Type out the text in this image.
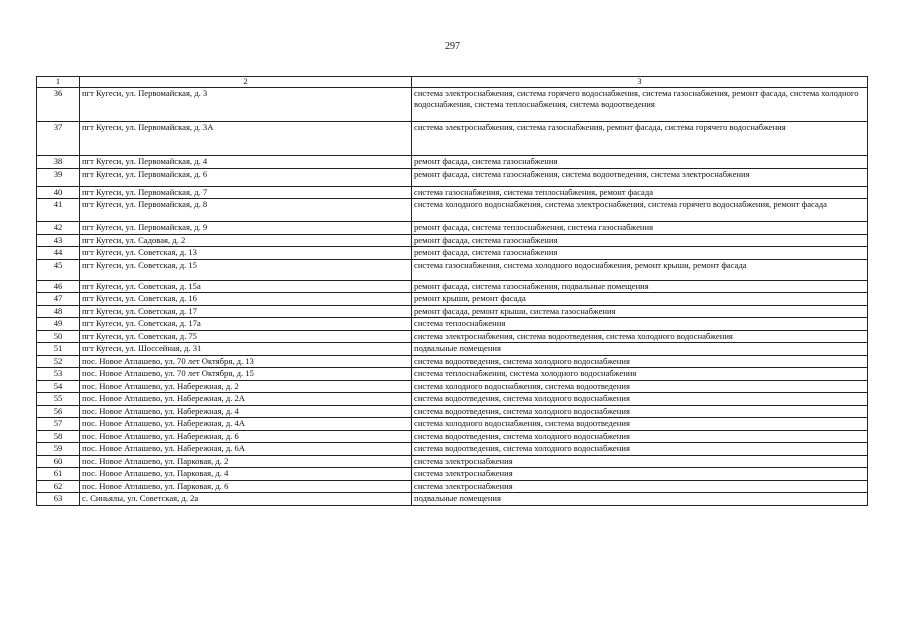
297
1	2	3
36	пгт Кугеси, ул. Первомайская, д. 3	система электроснабжения, система горячего водоснабжения, система газоснабжения, ремонт фасада, система холодного водоснабжения, система теплоснабжения, система водоотведения
37	пгт Кугеси, ул. Первомайская, д. 3А	система электроснабжения, система газоснабжения, ремонт фасада, система горячего водоснабжения
38	пгт Кугеси, ул. Первомайская, д. 4	ремонт фасада, система газоснабжения
39	пгт Кугеси, ул. Первомайская, д. 6	ремонт фасада, система газоснабжения, система водоотведения, система электроснабжения
40	пгт Кугеси, ул. Первомайская, д. 7	система газоснабжения, система теплоснабжения, ремонт фасада
41	пгт Кугеси, ул. Первомайская, д. 8	система холодного водоснабжения, система электроснабжения, система горячего водоснабжения, ремонт фасада
42	пгт Кугеси, ул. Первомайская, д. 9	ремонт фасада, система теплоснабжения, система газоснабжения
43	пгт Кугеси, ул. Садовая, д. 2	ремонт фасада, система газоснабжения
44	пгт Кугеси, ул. Советская, д. 13	ремонт фасада, система газоснабжения
45	пгт Кугеси, ул. Советская, д. 15	система газоснабжения, система холодного водоснабжения, ремонт крыши, ремонт фасада
46	пгт Кугеси, ул. Советская, д. 15а	ремонт фасада, система газоснабжения, подвальные помещения
47	пгт Кугеси, ул. Советская, д. 16	ремонт крыши, ремонт фасада
48	пгт Кугеси, ул. Советская, д. 17	ремонт фасада, ремонт крыши, система газоснабжения
49	пгт Кугеси, ул. Советская, д. 17а	система теплоснабжения
50	пгт Кугеси, ул. Советская, д. 75	система электроснабжения, система водоотведения, система холодного водоснабжения
51	пгт Кугеси, ул. Шоссейная, д. 31	подвальные помещения
52	пос. Новое Атлашево, ул. 70 лет Октября, д. 13	система водоотведения, система холодного водоснабжения
53	пос. Новое Атлашево, ул. 70 лет Октября, д. 15	система теплоснабжения, система холодного водоснабжения
54	пос. Новое Атлашево, ул. Набережная, д. 2	система холодного водоснабжения, система водоотведения
55	пос. Новое Атлашево, ул. Набережная, д. 2А	система водоотведения, система холодного водоснабжения
56	пос. Новое Атлашево, ул. Набережная, д. 4	система водоотведения, система холодного водоснабжения
57	пос. Новое Атлашево, ул. Набережная, д. 4А	система холодного водоснабжения, система водоотведения
58	пос. Новое Атлашево, ул. Набережная, д. 6	система водоотведения, система холодного водоснабжения
59	пос. Новое Атлашево, ул. Набережная, д. 6А	система водоотведения, система холодного водоснабжения
60	пос. Новое Атлашево, ул. Парковая, д. 2	система электроснабжения
61	пос. Новое Атлашево, ул. Парковая, д. 4	система электроснабжения
62	пос. Новое Атлашево, ул. Парковая, д. 6	система электроснабжения
63	с. Синьялы, ул. Советская, д. 2а	подвальные помещения
